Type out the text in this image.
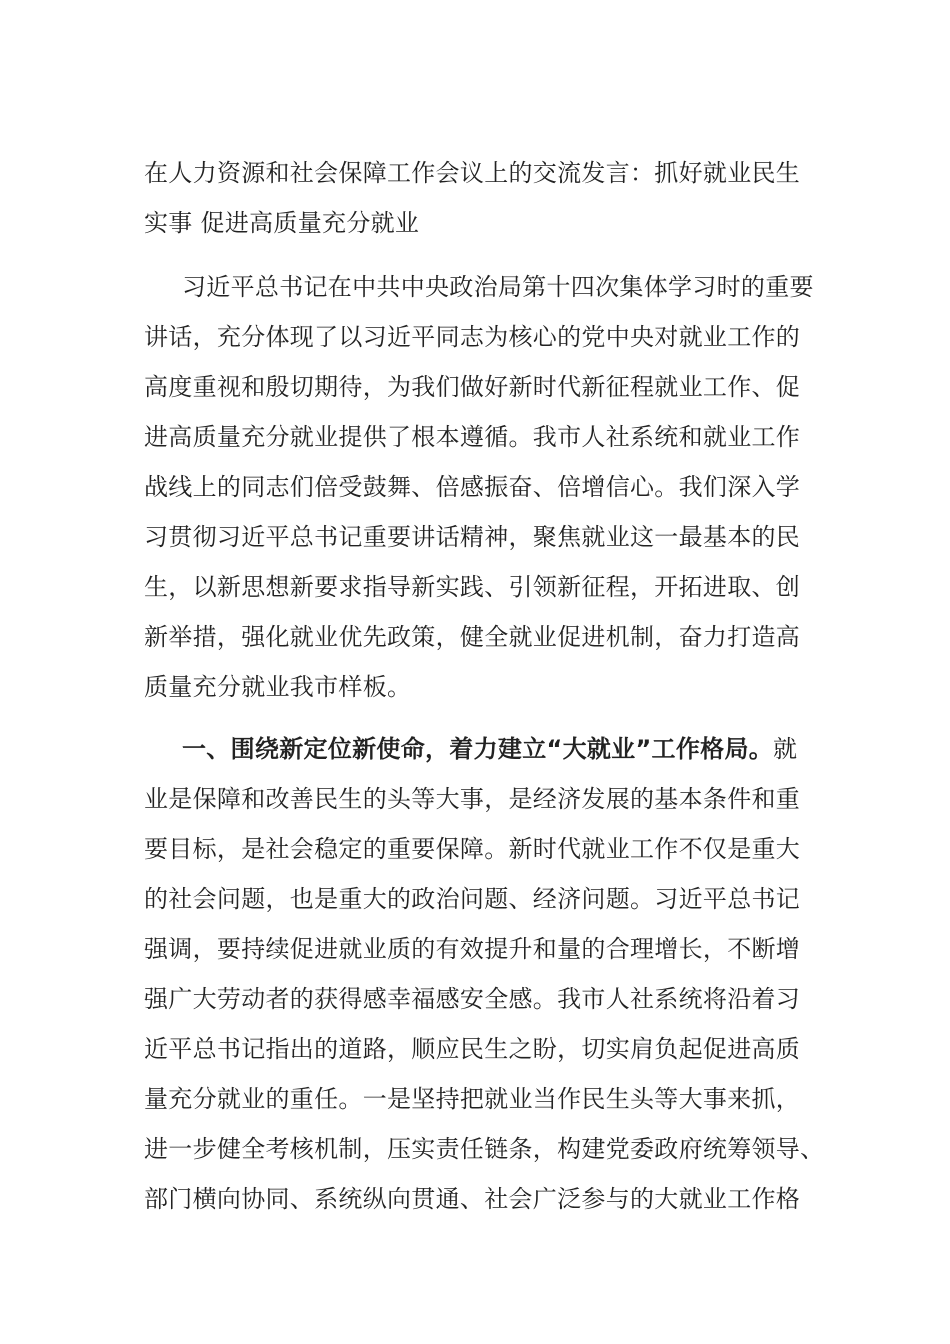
在人力资源和社会保障工作会议上的交流发言：抓好就业民生
实事 促进高质量充分就业
习近平总书记在中共中央政治局第十四次集体学习时的重要
讲话，充分体现了以习近平同志为核心的党中央对就业工作的
高度重视和殷切期待，为我们做好新时代新征程就业工作、促
进高质量充分就业提供了根本遵循。我市人社系统和就业工作
战线上的同志们倍受鼓舞、倍感振奋、倍增信心。我们深入学
习贯彻习近平总书记重要讲话精神，聚焦就业这一最基本的民
生，以新思想新要求指导新实践、引领新征程，开拓进取、创
新举措，强化就业优先政策，健全就业促进机制，奋力打造高
质量充分就业我市样板。
一、围绕新定位新使命，着力建立“大就业”工作格局。就
业是保障和改善民生的头等大事，是经济发展的基本条件和重
要目标，是社会稳定的重要保障。新时代就业工作不仅是重大
的社会问题，也是重大的政治问题、经济问题。习近平总书记
强调，要持续促进就业质的有效提升和量的合理增长，不断增
强广大劳动者的获得感幸福感安全感。我市人社系统将沿着习
近平总书记指出的道路，顺应民生之盼，切实肩负起促进高质
量充分就业的重任。一是坚持把就业当作民生头等大事来抓，
进一步健全考核机制，压实责任链条，构建党委政府统筹领导、
部门横向协同、系统纵向贯通、社会广泛参与的大就业工作格
